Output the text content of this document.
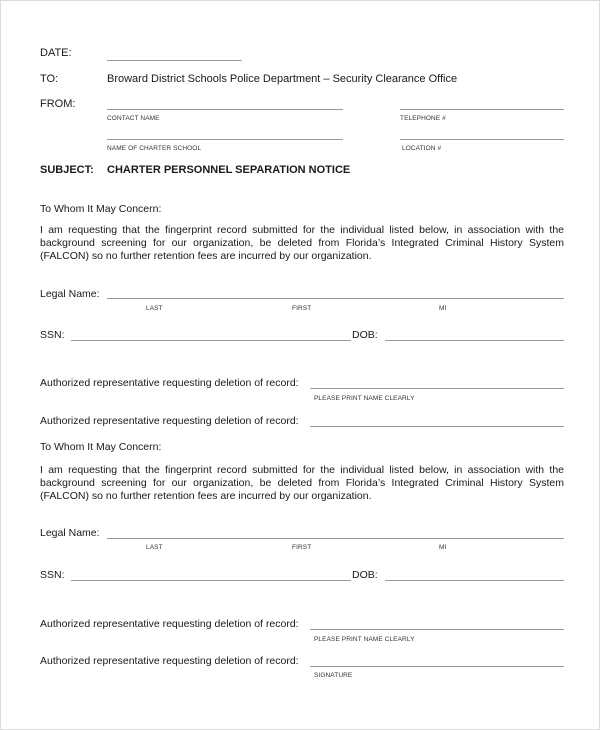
DATE:
TO:	Broward District Schools Police Department – Security Clearance Office
FROM:
CONTACT NAME	TELEPHONE #
NAME OF CHARTER SCHOOL	LOCATION #
SUBJECT: CHARTER PERSONNEL SEPARATION NOTICE
To Whom It May Concern:
I am requesting that the fingerprint record submitted for the individual listed below, in association with the background screening for our organization, be deleted from Florida’s Integrated Criminal History System (FALCON) so no further retention fees are incurred by our organization.
Legal Name:
LAST	FIRST	MI
SSN:	DOB:
Authorized representative requesting deletion of record:
PLEASE PRINT NAME CLEARLY
Authorized representative requesting deletion of record:
To Whom It May Concern:
I am requesting that the fingerprint record submitted for the individual listed below, in association with the background screening for our organization, be deleted from Florida’s Integrated Criminal History System (FALCON) so no further retention fees are incurred by our organization.
Legal Name:
LAST	FIRST	MI
SSN:	DOB:
Authorized representative requesting deletion of record:
PLEASE PRINT NAME CLEARLY
Authorized representative requesting deletion of record:
SIGNATURE
